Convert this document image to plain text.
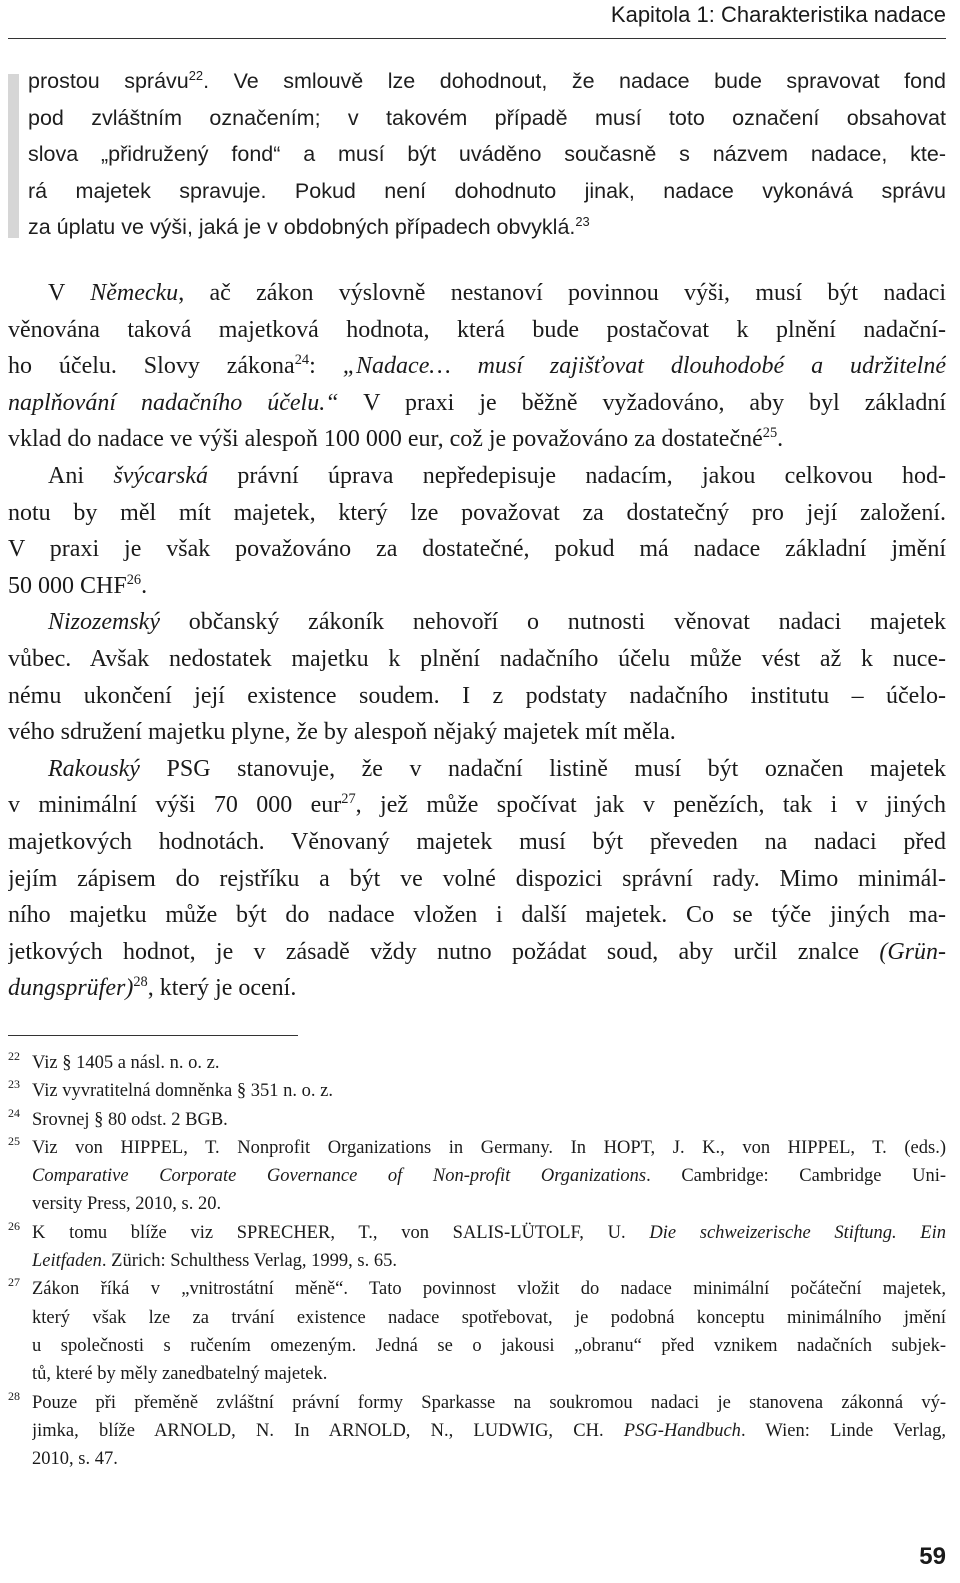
Kapitola 1: Charakteristika nadace
prostou správu$^{22}$. Ve smlouvě lze dohodnout, že nadace bude spravovat fond
pod zvláštním označením; v takovém případě musí toto označení obsahovat
slova „přidružený fond“ a musí být uváděno současně s názvem nadace, kte-
rá majetek spravuje. Pokud není dohodnuto jinak, nadace vykonává správu
za úplatu ve výši, jaká je v obdobných případech obvyklá.$^{23}$
V Německu, ač zákon výslovně nestanoví povinnou výši, musí být nadaci
věnována taková majetková hodnota, která bude postačovat k plnění nadační-
ho účelu. Slovy zákona$^{24}$: „Nadace… musí zajišťovat dlouhodobé a udržitelné
naplňování nadačního účelu.“ V praxi je běžně vyžadováno, aby byl základní
vklad do nadace ve výši alespoň 100 000 eur, což je považováno za dostatečné$^{25}$.
Ani švýcarská právní úprava nepředepisuje nadacím, jakou celkovou hod-
notu by měl mít majetek, který lze považovat za dostatečný pro její založení.
V praxi je však považováno za dostatečné, pokud má nadace základní jmění
50 000 CHF$^{26}$.
Nizozemský občanský zákoník nehovoří o nutnosti věnovat nadaci majetek
vůbec. Avšak nedostatek majetku k plnění nadačního účelu může vést až k nuce-
nému ukončení její existence soudem. I z podstaty nadačního institutu – účelo-
vého sdružení majetku plyne, že by alespoň nějaký majetek mít měla.
Rakouský PSG stanovuje, že v nadační listině musí být označen majetek
v minimální výši 70 000 eur$^{27}$, jež může spočívat jak v penězích, tak i v jiných
majetkových hodnotách. Věnovaný majetek musí být převeden na nadaci před
jejím zápisem do rejstříku a být ve volné dispozici správní rady. Mimo minimál-
ního majetku může být do nadace vložen i další majetek. Co se týče jiných ma-
jetkových hodnot, je v zásadě vždy nutno požádat soud, aby určil znalce (Grün-
dungsprüfer)$^{28}$, který je ocení.
22 Viz § 1405 a násl. n. o. z.
23 Viz vyvratitelná domněnka § 351 n. o. z.
24 Srovnej § 80 odst. 2 BGB.
25 Viz von HIPPEL, T. Nonprofit Organizations in Germany. In HOPT, J. K., von HIPPEL, T. (eds.)
Comparative Corporate Governance of Non-profit Organizations. Cambridge: Cambridge Uni-
versity Press, 2010, s. 20.
26 K tomu blíže viz SPRECHER, T., von SALIS-LÜTOLF, U. Die schweizerische Stiftung. Ein
Leitfaden. Zürich: Schulthess Verlag, 1999, s. 65.
27 Zákon říká v „vnitrostátní měně“. Tato povinnost vložit do nadace minimální počáteční majetek,
který však lze za trvání existence nadace spotřebovat, je podobná konceptu minimálního jmění
u společnosti s ručením omezeným. Jedná se o jakousi „obranu“ před vznikem nadačních subjek-
tů, které by měly zanedbatelný majetek.
28 Pouze při přeměně zvláštní právní formy Sparkasse na soukromou nadaci je stanovena zákonná vý-
jimka, blíže ARNOLD, N. In ARNOLD, N., LUDWIG, CH. PSG-Handbuch. Wien: Linde Verlag,
2010, s. 47.
59
